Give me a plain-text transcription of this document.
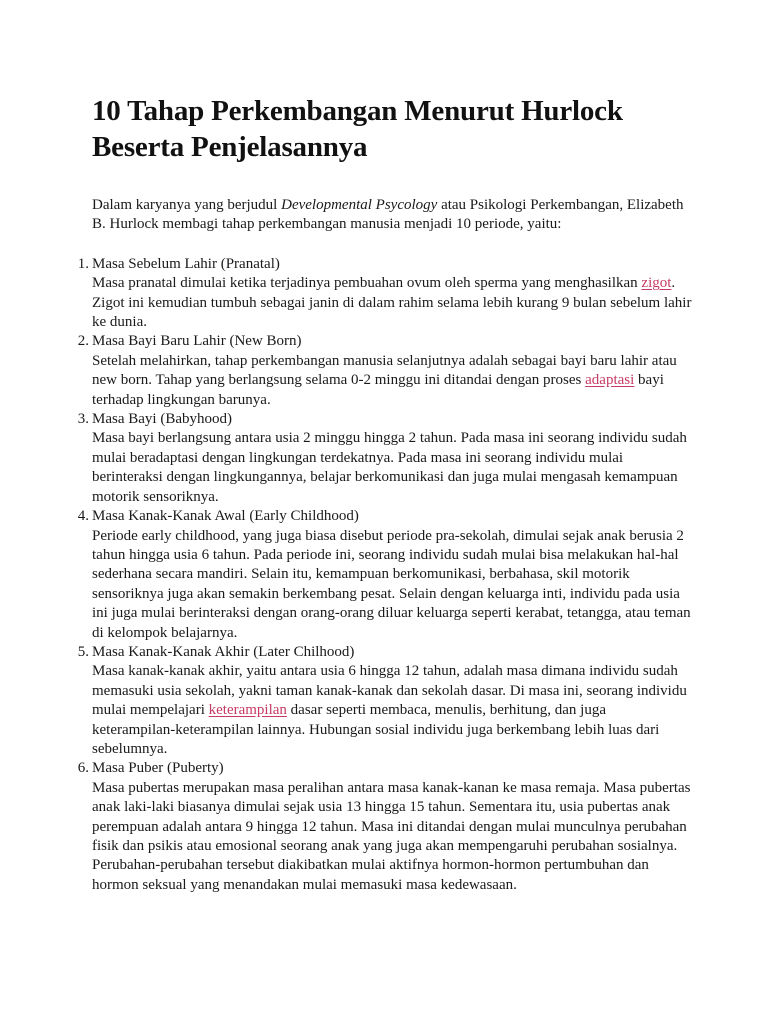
10 Tahap Perkembangan Menurut Hurlock
Beserta Penjelasannya

Dalam karyanya yang berjudul Developmental Psycology atau Psikologi Perkembangan, Elizabeth B. Hurlock membagi tahap perkembangan manusia menjadi 10 periode, yaitu:

1. Masa Sebelum Lahir (Pranatal)
Masa pranatal dimulai ketika terjadinya pembuahan ovum oleh sperma yang menghasilkan zigot. Zigot ini kemudian tumbuh sebagai janin di dalam rahim selama lebih kurang 9 bulan sebelum lahir ke dunia.
2. Masa Bayi Baru Lahir (New Born)
Setelah melahirkan, tahap perkembangan manusia selanjutnya adalah sebagai bayi baru lahir atau new born. Tahap yang berlangsung selama 0-2 minggu ini ditandai dengan proses adaptasi bayi terhadap lingkungan barunya.
3. Masa Bayi (Babyhood)
Masa bayi berlangsung antara usia 2 minggu hingga 2 tahun. Pada masa ini seorang individu sudah mulai beradaptasi dengan lingkungan terdekatnya. Pada masa ini seorang individu mulai berinteraksi dengan lingkungannya, belajar berkomunikasi dan juga mulai mengasah kemampuan motorik sensoriknya.
4. Masa Kanak-Kanak Awal (Early Childhood)
Periode early childhood, yang juga biasa disebut periode pra-sekolah, dimulai sejak anak berusia 2 tahun hingga usia 6 tahun. Pada periode ini, seorang individu sudah mulai bisa melakukan hal-hal sederhana secara mandiri. Selain itu, kemampuan berkomunikasi, berbahasa, skil motorik sensoriknya juga akan semakin berkembang pesat. Selain dengan keluarga inti, individu pada usia ini juga mulai berinteraksi dengan orang-orang diluar keluarga seperti kerabat, tetangga, atau teman di kelompok belajarnya.
5. Masa Kanak-Kanak Akhir (Later Chilhood)
Masa kanak-kanak akhir, yaitu antara usia 6 hingga 12 tahun, adalah masa dimana individu sudah memasuki usia sekolah, yakni taman kanak-kanak dan sekolah dasar. Di masa ini, seorang individu mulai mempelajari keterampilan dasar seperti membaca, menulis, berhitung, dan juga keterampilan-keterampilan lainnya. Hubungan sosial individu juga berkembang lebih luas dari sebelumnya.
6. Masa Puber (Puberty)
Masa pubertas merupakan masa peralihan antara masa kanak-kanan ke masa remaja. Masa pubertas anak laki-laki biasanya dimulai sejak usia 13 hingga 15 tahun. Sementara itu, usia pubertas anak perempuan adalah antara 9 hingga 12 tahun. Masa ini ditandai dengan mulai munculnya perubahan fisik dan psikis atau emosional seorang anak yang juga akan mempengaruhi perubahan sosialnya. Perubahan-perubahan tersebut diakibatkan mulai aktifnya hormon-hormon pertumbuhan dan hormon seksual yang menandakan mulai memasuki masa kedewasaan.
